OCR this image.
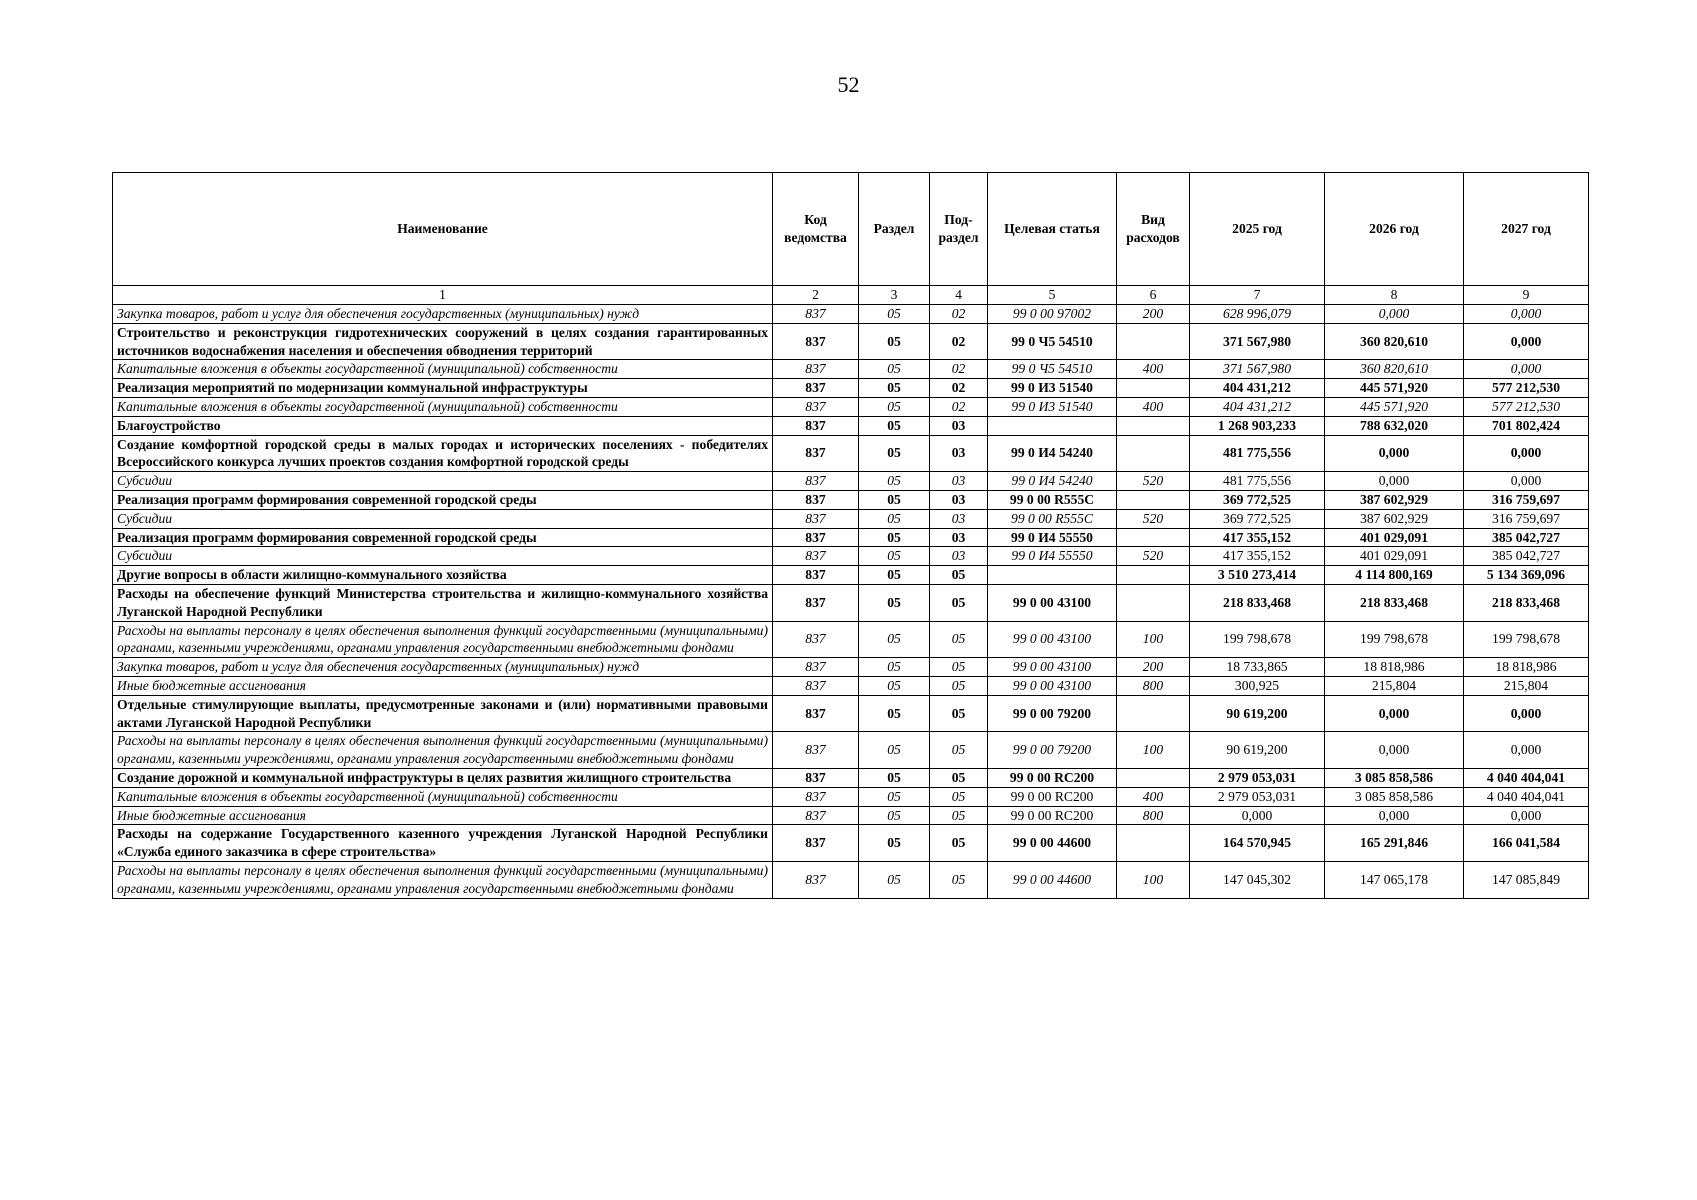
52
Наименование	Код ведомства	Раздел	Под- раздел	Целевая статья	Вид расходов	2025 год	2026 год	2027 год
1	2	3	4	5	6	7	8	9
Закупка товаров, работ и услуг для обеспечения государственных (муниципальных) нужд	837	05	02	99 0 00 97002	200	628 996,079	0,000	0,000
Строительство и реконструкция гидротехнических сооружений в целях создания гарантированных источников водоснабжения населения и обеспечения обводнения территорий	837	05	02	99 0 Ч5 54510		371 567,980	360 820,610	0,000
Капитальные вложения в объекты государственной (муниципальной) собственности	837	05	02	99 0 Ч5 54510	400	371 567,980	360 820,610	0,000
Реализация мероприятий по модернизации коммунальной инфраструктуры	837	05	02	99 0 И3 51540		404 431,212	445 571,920	577 212,530
Капитальные вложения в объекты государственной (муниципальной) собственности	837	05	02	99 0 И3 51540	400	404 431,212	445 571,920	577 212,530
Благоустройство	837	05	03			1 268 903,233	788 632,020	701 802,424
Создание комфортной городской среды в малых городах и исторических поселениях - победителях Всероссийского конкурса лучших проектов создания комфортной городской среды	837	05	03	99 0 И4 54240		481 775,556	0,000	0,000
Субсидии	837	05	03	99 0 И4 54240	520	481 775,556	0,000	0,000
Реализация программ формирования современной городской среды	837	05	03	99 0 00 R555C		369 772,525	387 602,929	316 759,697
Субсидии	837	05	03	99 0 00 R555C	520	369 772,525	387 602,929	316 759,697
Реализация программ формирования современной городской среды	837	05	03	99 0 И4 55550		417 355,152	401 029,091	385 042,727
Субсидии	837	05	03	99 0 И4 55550	520	417 355,152	401 029,091	385 042,727
Другие вопросы в области жилищно-коммунального хозяйства	837	05	05			3 510 273,414	4 114 800,169	5 134 369,096
Расходы на обеспечение функций Министерства строительства и жилищно-коммунального хозяйства Луганской Народной Республики	837	05	05	99 0 00 43100		218 833,468	218 833,468	218 833,468
Расходы на выплаты персоналу в целях обеспечения выполнения функций государственными (муниципальными) органами, казенными учреждениями, органами управления государственными внебюджетными фондами	837	05	05	99 0 00 43100	100	199 798,678	199 798,678	199 798,678
Закупка товаров, работ и услуг для обеспечения государственных (муниципальных) нужд	837	05	05	99 0 00 43100	200	18 733,865	18 818,986	18 818,986
Иные бюджетные ассигнования	837	05	05	99 0 00 43100	800	300,925	215,804	215,804
Отдельные стимулирующие выплаты, предусмотренные законами и (или) нормативными правовыми актами Луганской Народной Республики	837	05	05	99 0 00 79200		90 619,200	0,000	0,000
Расходы на выплаты персоналу в целях обеспечения выполнения функций государственными (муниципальными) органами, казенными учреждениями, органами управления государственными внебюджетными фондами	837	05	05	99 0 00 79200	100	90 619,200	0,000	0,000
Создание дорожной и коммунальной инфраструктуры в целях развития жилищного строительства	837	05	05	99 0 00 RC200		2 979 053,031	3 085 858,586	4 040 404,041
Капитальные вложения в объекты государственной (муниципальной) собственности	837	05	05	99 0 00 RC200	400	2 979 053,031	3 085 858,586	4 040 404,041
Иные бюджетные ассигнования	837	05	05	99 0 00 RC200	800	0,000	0,000	0,000
Расходы на содержание Государственного казенного учреждения Луганской Народной Республики «Служба единого заказчика в сфере строительства»	837	05	05	99 0 00 44600		164 570,945	165 291,846	166 041,584
Расходы на выплаты персоналу в целях обеспечения выполнения функций государственными (муниципальными) органами, казенными учреждениями, органами управления государственными внебюджетными фондами	837	05	05	99 0 00 44600	100	147 045,302	147 065,178	147 085,849
